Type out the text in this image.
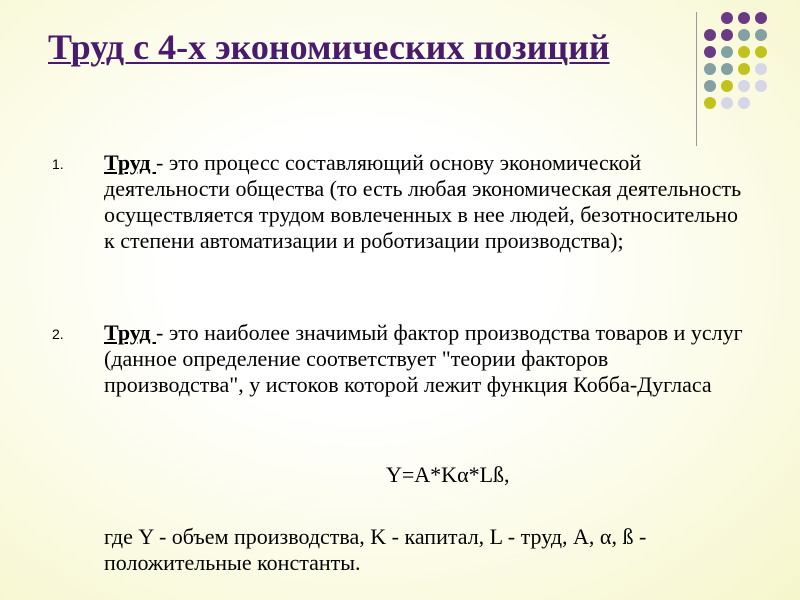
Труд с 4-х экономических позиций
1. Труд - это процесс составляющий основу экономической деятельности общества (то есть любая экономическая деятельность осуществляется трудом вовлеченных в нее людей, безотносительно к степени автоматизации и роботизации производства);
2. Труд - это наиболее значимый фактор производства товаров и услуг (данное определение соответствует "теории факторов производства", у истоков которой лежит функция Кобба-Дугласа
Y=A*Kα*Lß,
где Y - объем производства, K - капитал, L - труд, A, α, ß - положительные константы.
